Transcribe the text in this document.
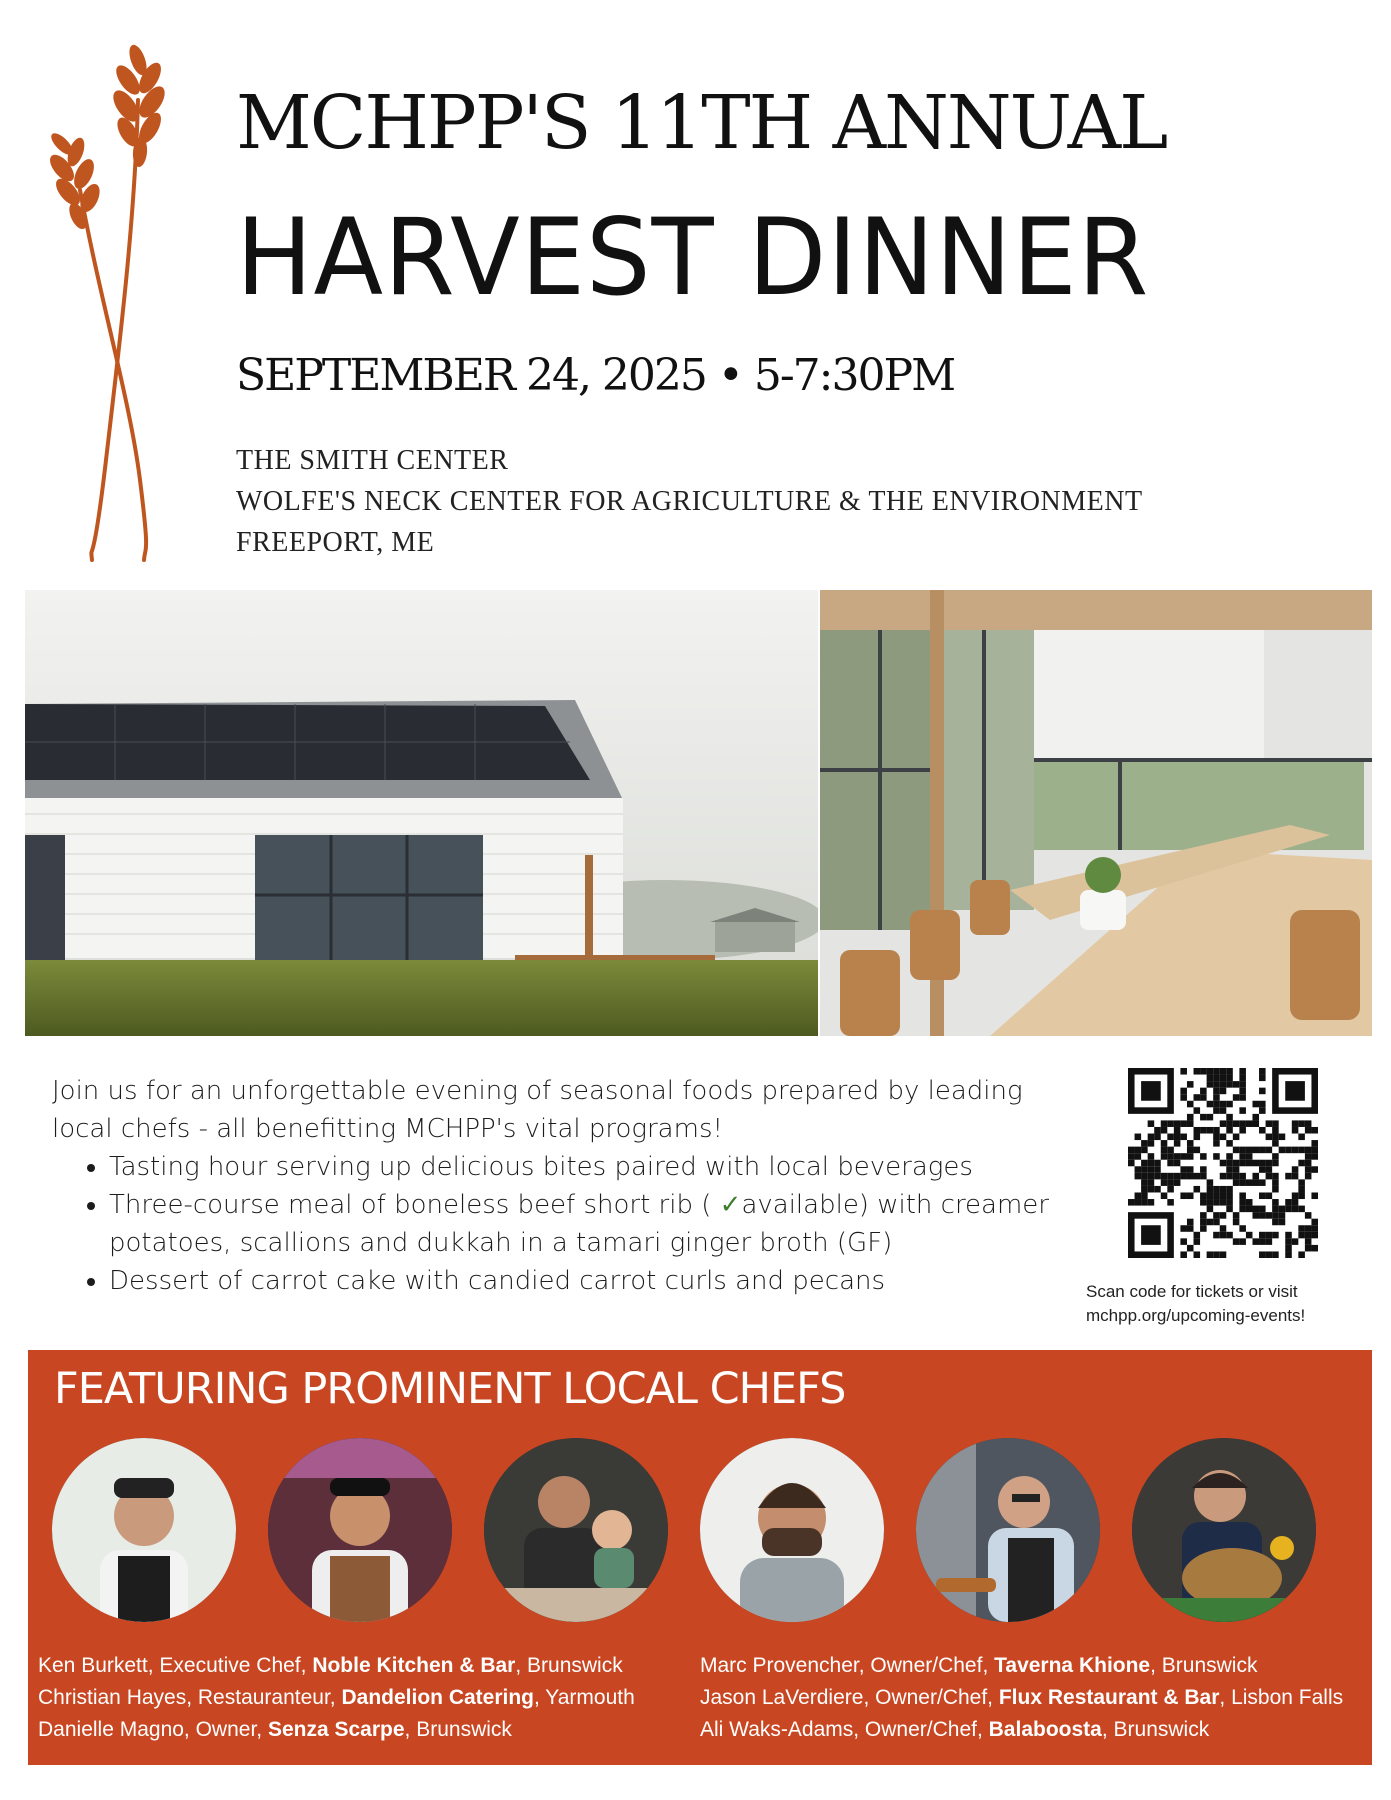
MCHPP'S 11TH ANNUAL
HARVEST DINNER
SEPTEMBER 24, 2025 • 5-7:30PM
THE SMITH CENTER
WOLFE'S NECK CENTER FOR AGRICULTURE & THE ENVIRONMENT
FREEPORT, ME

Join us for an unforgettable evening of seasonal foods prepared by leading local chefs - all benefitting MCHPP's vital programs!

• Tasting hour serving up delicious bites paired with local beverages
• Three-course meal of boneless beef short rib ( ✓available) with creamer potatoes, scallions and dukkah in a tamari ginger broth (GF)
• Dessert of carrot cake with candied carrot curls and pecans	Scan code for tickets or visit
mchpp.org/upcoming-events!
FEATURING PROMINENT LOCAL CHEFS
Ken Burkett, Executive Chef, Noble Kitchen & Bar, Brunswick
Christian Hayes, Restauranteur, Dandelion Catering, Yarmouth
Danielle Magno, Owner, Senza Scarpe, Brunswick
Marc Provencher, Owner/Chef, Taverna Khione, Brunswick
Jason LaVerdiere, Owner/Chef, Flux Restaurant & Bar, Lisbon Falls
Ali Waks-Adams, Owner/Chef, Balaboosta, Brunswick
